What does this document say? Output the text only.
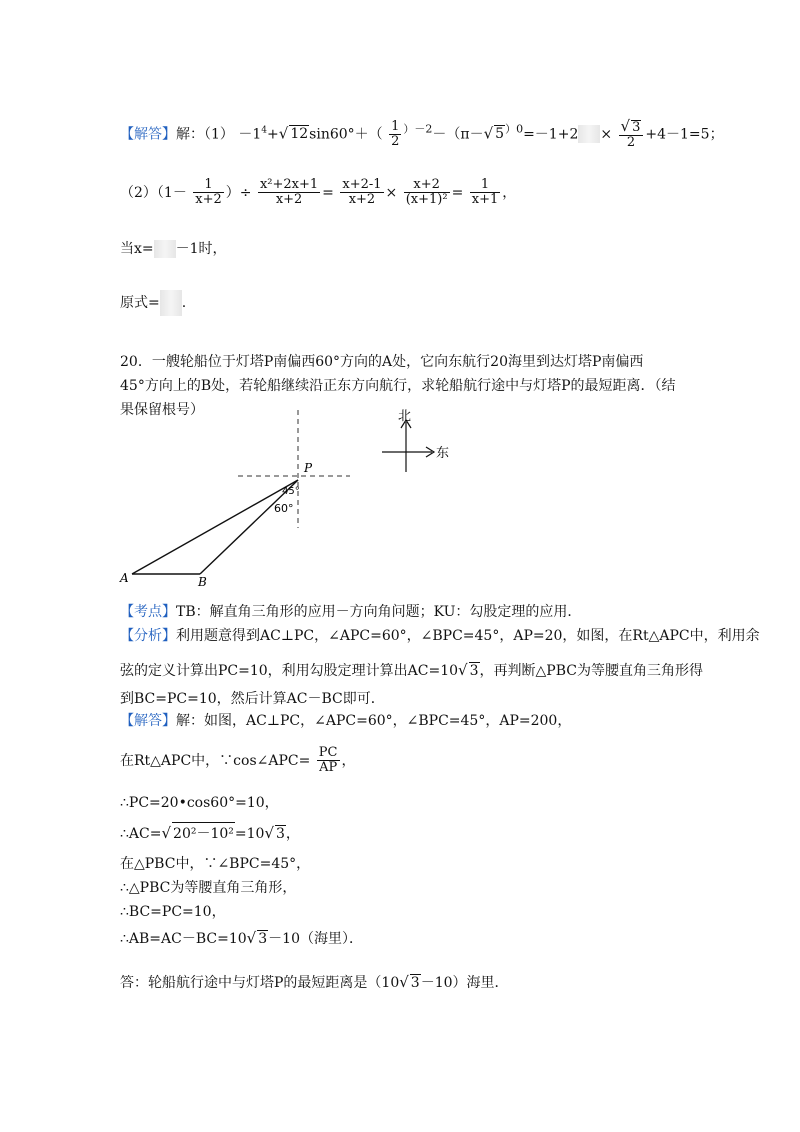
【解答】解：$(1) -1^4+√$ $12\sin 60^\circ+( \frac{1}{2} ^{)-2}-(\pi-√$ $5^{)0}=-1+2 \times \frac{√ 3}{2} +4-1=5$；
$(2)(1- \frac{1}{x+2}$ ）÷ $\frac{\text{x²+2x+1}}{x+2} = \frac{x+2-1}{x+2} \times \frac{x+2}{\text{(x+1)²}} = \frac{1}{x+1}$ ，
当x= －1时，
原式= .
20．一艘轮船位于灯塔P南偏西60°方向的A处，它向东航行20海里到达灯塔P南偏西
45°方向上的B处，若轮船继续沿正东方向航行，求轮船航行途中与灯塔P的最短距离．（结
果保留根号）
P
A	B
45°
60°
北
东
【考点】TB：解直角三角形的应用－方向角问题；KU：勾股定理的应用．
【分析】利用题意得到AC⊥PC，∠APC=60°，∠BPC=45°，AP=20，如图，在Rt△APC中，利用余
弦的定义计算出PC=10，利用勾股定理计算出AC=10√ 3，再判断△PBC为等腰直角三角形得
到BC=PC=10，然后计算AC－BC即可．
【解答】解：如图，AC⊥PC，∠APC=60°，∠BPC=45°，AP=200，
在Rt△APC中，∵cos∠APC= $\frac{PC}{AP}$ ，
∴PC=20•cos60°=10，
∴AC=√ 20²－10²=10√ 3，
在△PBC中，∵∠BPC=45°，
∴△PBC为等腰直角三角形，
∴BC=PC=10，
∴AB=AC－BC=10√ 3－10（海里）．
答：轮船航行途中与灯塔P的最短距离是（10√ 3－10）海里．
